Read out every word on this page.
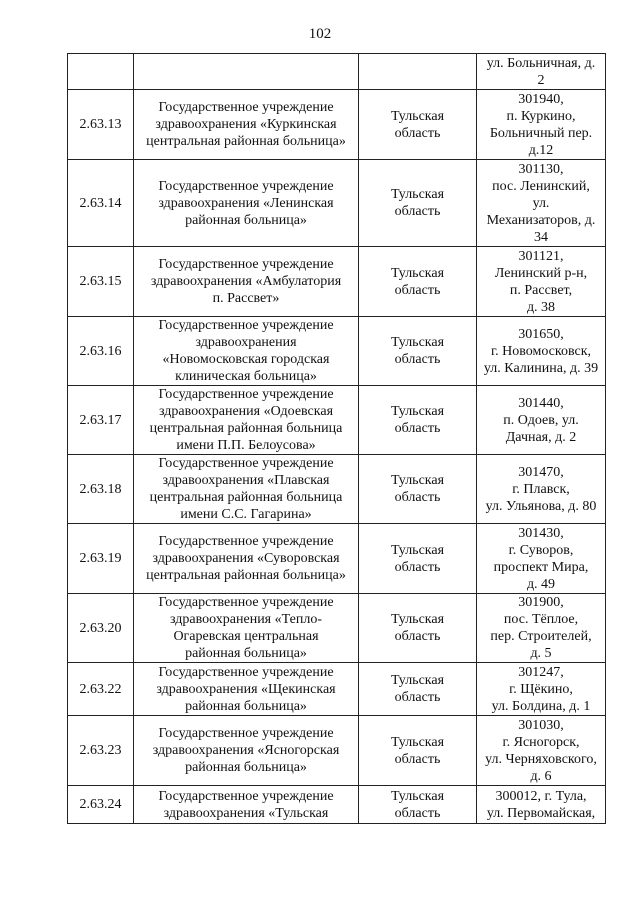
102
			ул. Больничная, д.
2
2.63.13	Государственное учреждение
здравоохранения «Куркинская
центральная районная больница»	Тульская
область	301940,
п. Куркино,
Больничный пер.
д.12
2.63.14	Государственное учреждение
здравоохранения «Ленинская
районная больница»	Тульская
область	301130,
пос. Ленинский,
ул.
Механизаторов, д.
34
2.63.15	Государственное учреждение
здравоохранения «Амбулатория
п. Рассвет»	Тульская
область	301121,
Ленинский р-н,
п. Рассвет,
д. 38
2.63.16	Государственное учреждение
здравоохранения
«Новомосковская городская
клиническая больница»	Тульская
область	301650,
г. Новомосковск,
ул. Калинина, д. 39
2.63.17	Государственное учреждение
здравоохранения «Одоевская
центральная районная больница
имени П.П. Белоусова»	Тульская
область	301440,
п. Одоев, ул.
Дачная, д. 2
2.63.18	Государственное учреждение
здравоохранения «Плавская
центральная районная больница
имени С.С. Гагарина»	Тульская
область	301470,
г. Плавск,
ул. Ульянова, д. 80
2.63.19	Государственное учреждение
здравоохранения «Суворовская
центральная районная больница»	Тульская
область	301430,
г. Суворов,
проспект Мира,
д. 49
2.63.20	Государственное учреждение
здравоохранения «Тепло-
Огаревская центральная
районная больница»	Тульская
область	301900,
пос. Тёплое,
пер. Строителей,
д. 5
2.63.22	Государственное учреждение
здравоохранения «Щекинская
районная больница»	Тульская
область	301247,
г. Щёкино,
ул. Болдина, д. 1
2.63.23	Государственное учреждение
здравоохранения «Ясногорская
районная больница»	Тульская
область	301030,
г. Ясногорск,
ул. Черняховского,
д. 6
2.63.24	Государственное учреждение
здравоохранения «Тульская	Тульская
область	300012, г. Тула,
ул. Первомайская,
